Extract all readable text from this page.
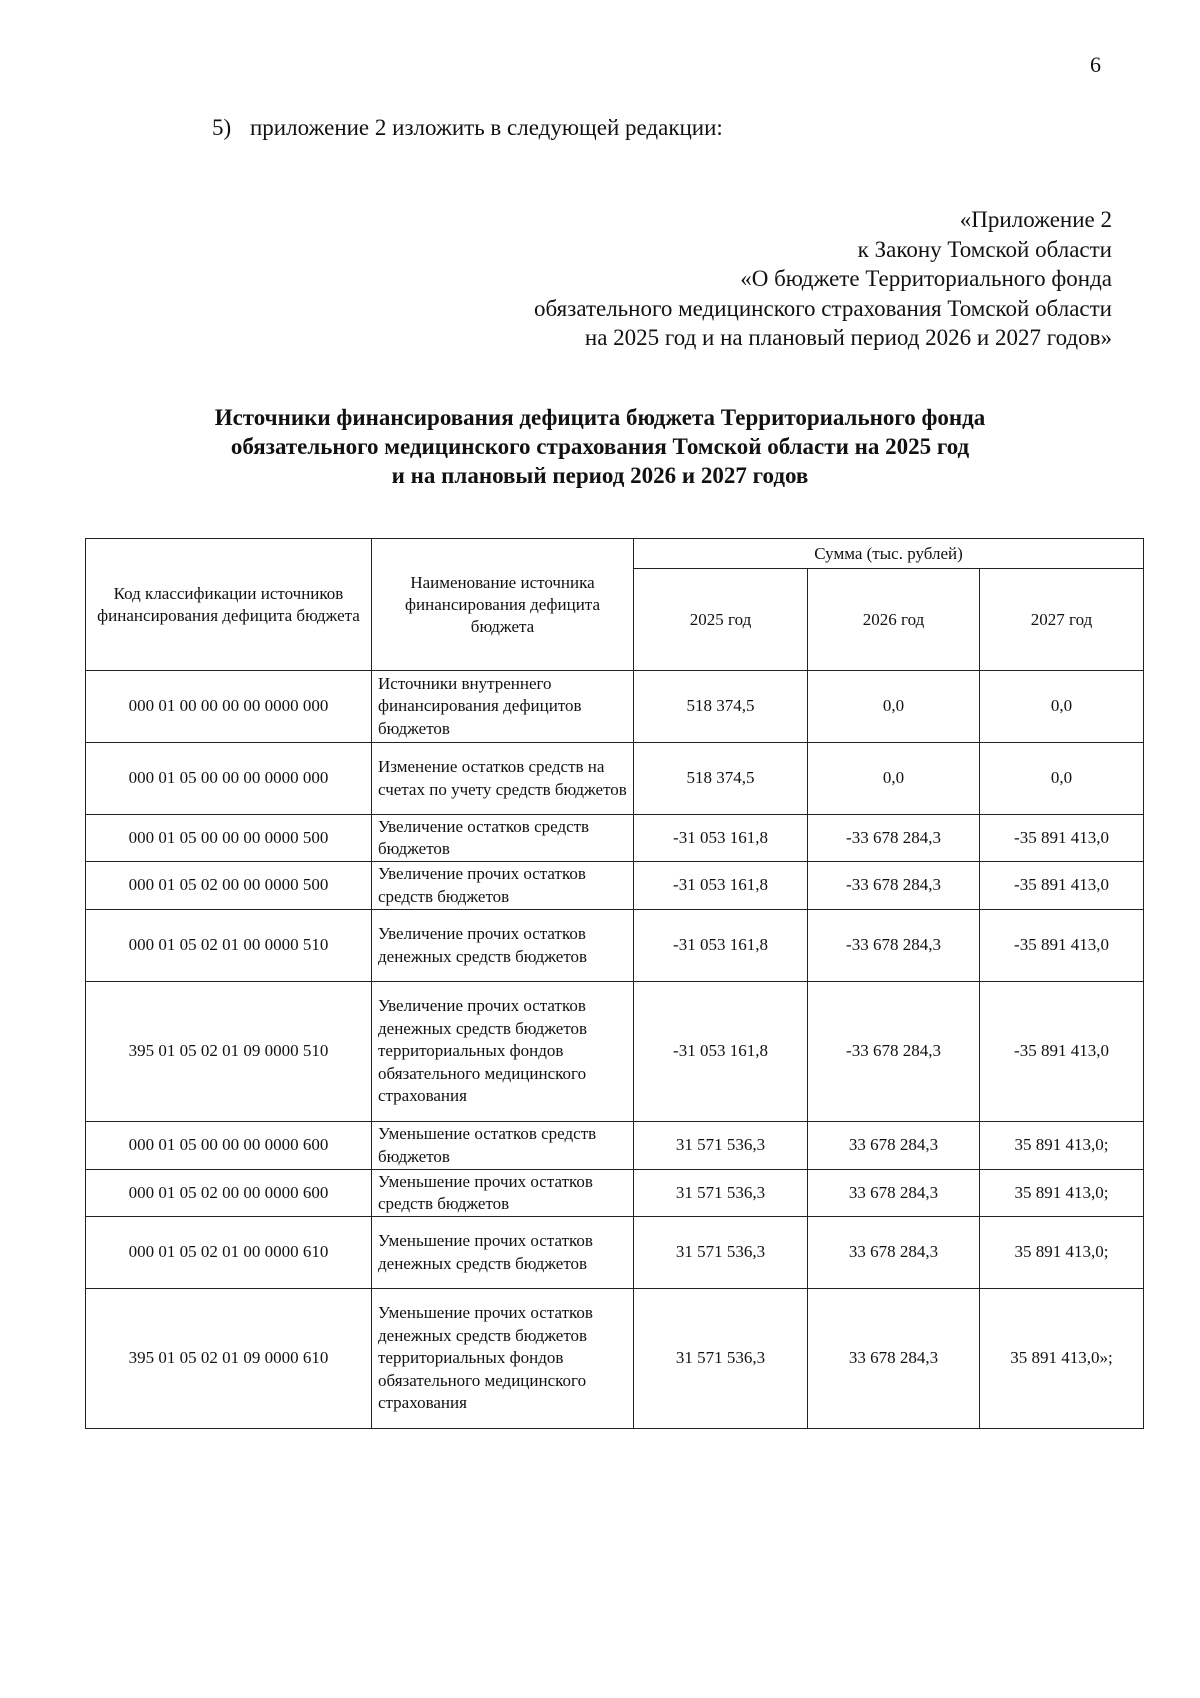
6
5) приложение 2 изложить в следующей редакции:
«Приложение 2
к Закону Томской области
«О бюджете Территориального фонда
обязательного медицинского страхования Томской области
на 2025 год и на плановый период 2026 и 2027 годов»
Источники финансирования дефицита бюджета Территориального фонда
обязательного медицинского страхования Томской области на 2025 год
и на плановый период 2026 и 2027 годов
Код классификации источников финансирования дефицита бюджета	Наименование источника финансирования дефицита бюджета	Сумма (тыс. рублей)		
		2025 год	2026 год	2027 год
000 01 00 00 00 00 0000 000	Источники внутреннего финансирования дефицитов бюджетов	518 374,5	0,0	0,0
000 01 05 00 00 00 0000 000	Изменение остатков средств на счетах по учету средств бюджетов	518 374,5	0,0	0,0
000 01 05 00 00 00 0000 500	Увеличение остатков средств бюджетов	-31 053 161,8	-33 678 284,3	-35 891 413,0
000 01 05 02 00 00 0000 500	Увеличение прочих остатков средств бюджетов	-31 053 161,8	-33 678 284,3	-35 891 413,0
000 01 05 02 01 00 0000 510	Увеличение прочих остатков денежных средств бюджетов	-31 053 161,8	-33 678 284,3	-35 891 413,0
395 01 05 02 01 09 0000 510	Увеличение прочих остатков денежных средств бюджетов территориальных фондов обязательного медицинского страхования	-31 053 161,8	-33 678 284,3	-35 891 413,0
000 01 05 00 00 00 0000 600	Уменьшение остатков средств бюджетов	31 571 536,3	33 678 284,3	35 891 413,0;
000 01 05 02 00 00 0000 600	Уменьшение прочих остатков средств бюджетов	31 571 536,3	33 678 284,3	35 891 413,0;
000 01 05 02 01 00 0000 610	Уменьшение прочих остатков денежных средств бюджетов	31 571 536,3	33 678 284,3	35 891 413,0;
395 01 05 02 01 09 0000 610	Уменьшение прочих остатков денежных средств бюджетов территориальных фондов обязательного медицинского страхования	31 571 536,3	33 678 284,3	35 891 413,0»;
